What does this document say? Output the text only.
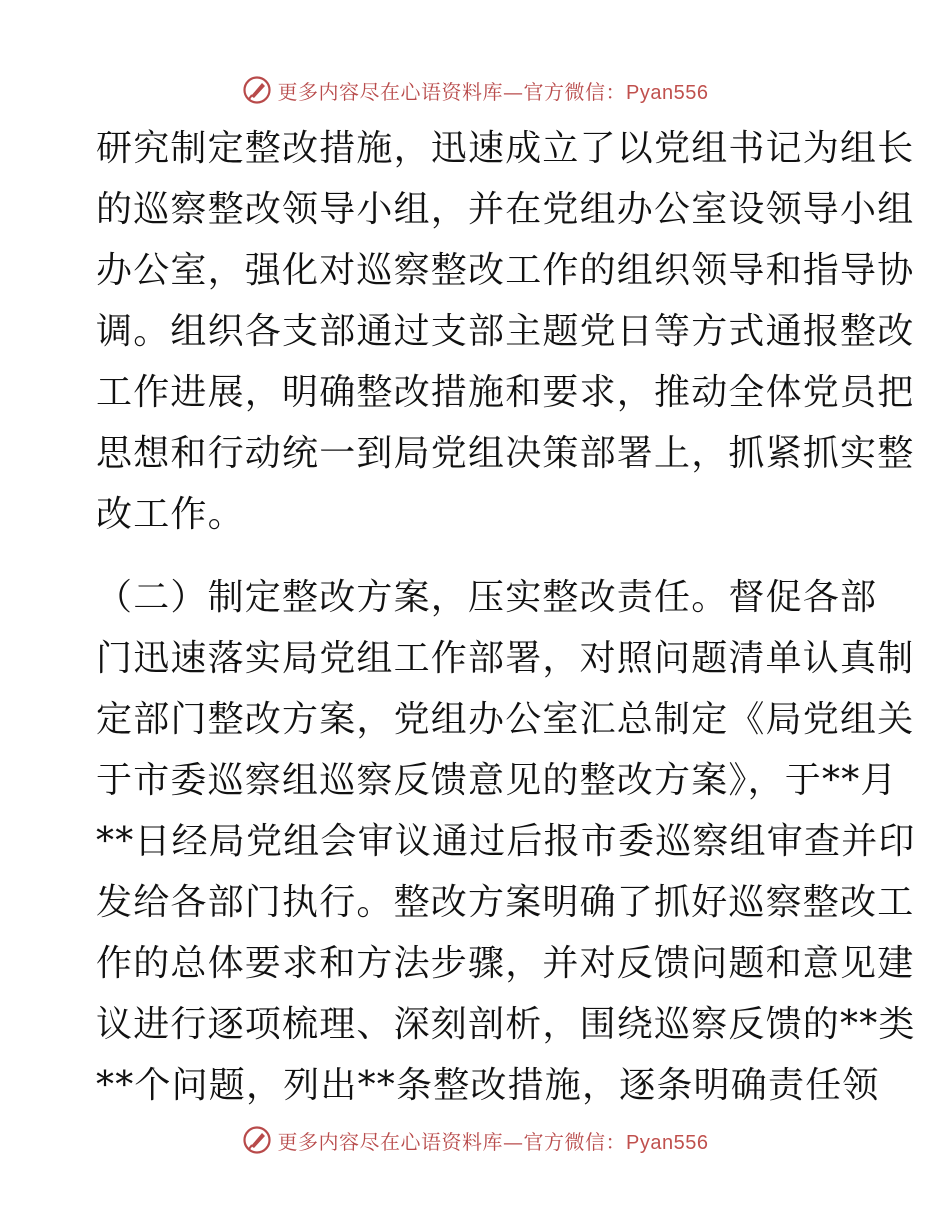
更多内容尽在心语资料库—官方微信：Pyan556
研究制定整改措施，迅速成立了以党组书记为组长
的巡察整改领导小组，并在党组办公室设领导小组
办公室，强化对巡察整改工作的组织领导和指导协
调。组织各支部通过支部主题党日等方式通报整改
工作进展，明确整改措施和要求，推动全体党员把
思想和行动统一到局党组决策部署上，抓紧抓实整
改工作。
（二）制定整改方案，压实整改责任。督促各部
门迅速落实局党组工作部署，对照问题清单认真制
定部门整改方案，党组办公室汇总制定《局党组关
于市委巡察组巡察反馈意见的整改方案》，于**月
**日经局党组会审议通过后报市委巡察组审查并印
发给各部门执行。整改方案明确了抓好巡察整改工
作的总体要求和方法步骤，并对反馈问题和意见建
议进行逐项梳理、深刻剖析，围绕巡察反馈的**类
**个问题，列出**条整改措施，逐条明确责任领
更多内容尽在心语资料库—官方微信：Pyan556
